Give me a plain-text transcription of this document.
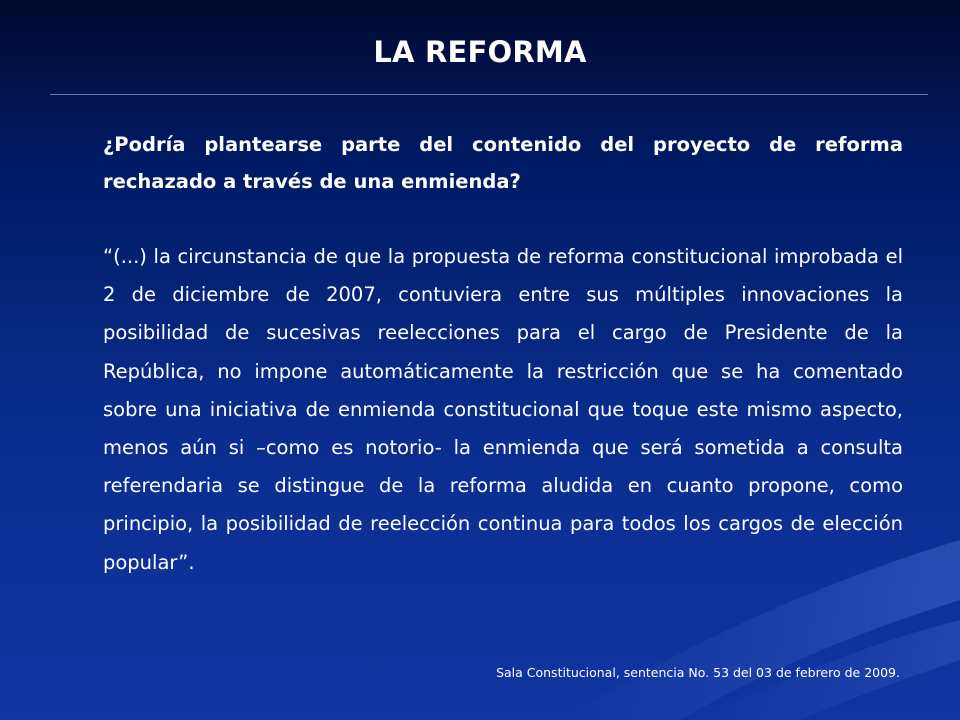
LA REFORMA
¿Podría plantearse parte del contenido del proyecto de reforma rechazado a través de una enmienda?
“(...) la circunstancia de que la propuesta de reforma constitucional improbada el 2 de diciembre de 2007, contuviera entre sus múltiples innovaciones la posibilidad de sucesivas reelecciones para el cargo de Presidente de la República, no impone automáticamente la restricción que se ha comentado sobre una iniciativa de enmienda constitucional que toque este mismo aspecto, menos aún si –como es notorio- la enmienda que será sometida a consulta referendaria se distingue de la reforma aludida en cuanto propone, como principio, la posibilidad de reelección continua para todos los cargos de elección popular”.
Sala Constitucional, sentencia No. 53 del 03 de febrero de 2009.
